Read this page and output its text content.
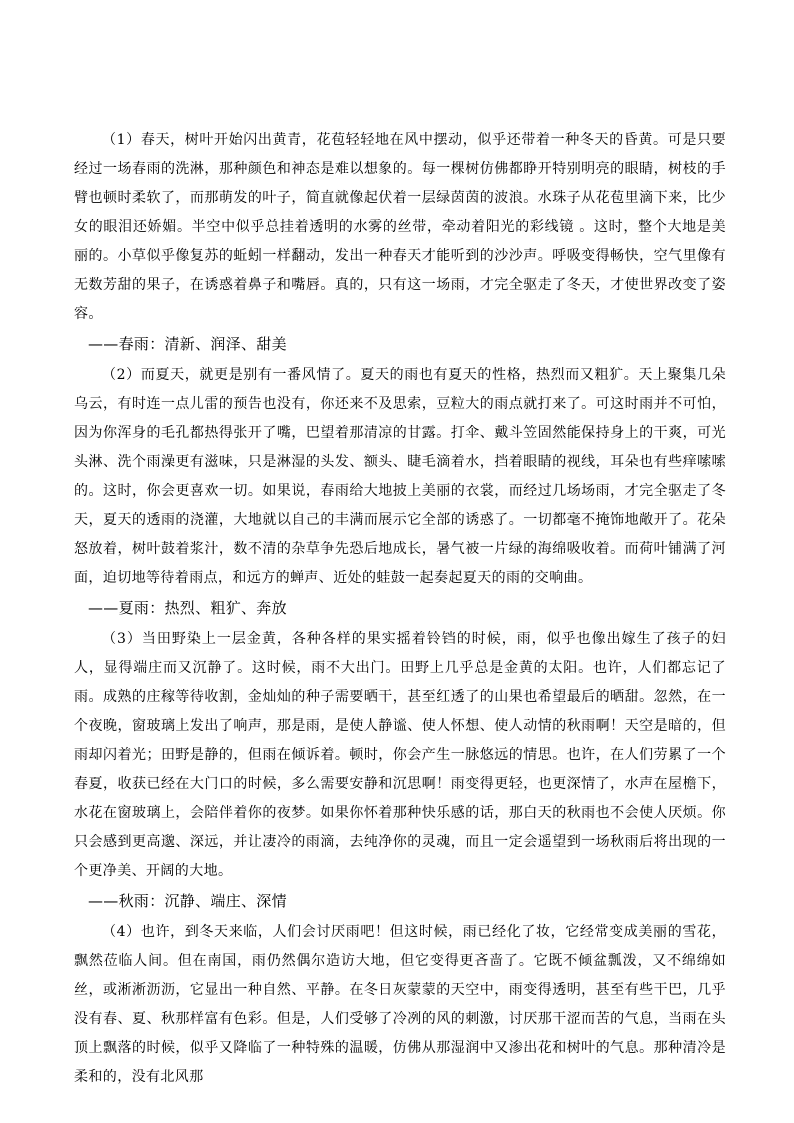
（1）春天，树叶开始闪出黄青，花苞轻轻地在风中摆动，似乎还带着一种冬天的昏黄。可是只要经过一场春雨的洗淋，那种颜色和神态是难以想象的。每一棵树仿佛都睁开特别明亮的眼睛，树枝的手臂也顿时柔软了，而那萌发的叶子，简直就像起伏着一层绿茵茵的波浪。水珠子从花苞里滴下来，比少女的眼泪还娇媚。半空中似乎总挂着透明的水雾的丝带，牵动着阳光的彩线镜 。这时，整个大地是美丽的。小草似乎像复苏的蚯蚓一样翻动，发出一种春天才能听到的沙沙声。呼吸变得畅快，空气里像有无数芳甜的果子，在诱惑着鼻子和嘴唇。真的，只有这一场雨，才完全驱走了冬天，才使世界改变了姿容。

——春雨：清新、润泽、甜美

（2）而夏天，就更是别有一番风情了。夏天的雨也有夏天的性格，热烈而又粗犷。天上聚集几朵乌云，有时连一点儿雷的预告也没有，你还来不及思索，豆粒大的雨点就打来了。可这时雨并不可怕，因为你浑身的毛孔都热得张开了嘴，巴望着那清凉的甘露。打伞、戴斗笠固然能保持身上的干爽，可光头淋、洗个雨澡更有滋味，只是淋湿的头发、额头、睫毛滴着水，挡着眼睛的视线，耳朵也有些痒嗦嗦的。这时，你会更喜欢一切。如果说，春雨给大地披上美丽的衣裳，而经过几场场雨，才完全驱走了冬天，夏天的透雨的浇灌，大地就以自己的丰满而展示它全部的诱惑了。一切都毫不掩饰地敞开了。花朵怒放着，树叶鼓着浆汁，数不清的杂草争先恐后地成长，暑气被一片绿的海绵吸收着。而荷叶铺满了河面，迫切地等待着雨点，和远方的蝉声、近处的蛙鼓一起奏起夏天的雨的交响曲。

——夏雨：热烈、粗犷、奔放

（3）当田野染上一层金黄，各种各样的果实摇着铃铛的时候，雨，似乎也像出嫁生了孩子的妇人，显得端庄而又沉静了。这时候，雨不大出门。田野上几乎总是金黄的太阳。也许，人们都忘记了雨。成熟的庄稼等待收割，金灿灿的种子需要晒干，甚至红透了的山果也希望最后的晒甜。忽然，在一个夜晚，窗玻璃上发出了响声，那是雨，是使人静谧、使人怀想、使人动情的秋雨啊！天空是暗的，但雨却闪着光；田野是静的，但雨在倾诉着。顿时，你会产生一脉悠远的情思。也许，在人们劳累了一个春夏，收获已经在大门口的时候，多么需要安静和沉思啊！雨变得更轻，也更深情了，水声在屋檐下，水花在窗玻璃上，会陪伴着你的夜梦。如果你怀着那种快乐感的话，那白天的秋雨也不会使人厌烦。你只会感到更高邈、深远，并让凄冷的雨滴，去纯净你的灵魂，而且一定会遥望到一场秋雨后将出现的一个更净美、开阔的大地。

——秋雨：沉静、端庄、深情

（4）也许，到冬天来临，人们会讨厌雨吧！但这时候，雨已经化了妆，它经常变成美丽的雪花，飘然莅临人间。但在南国，雨仍然偶尔造访大地，但它变得更吝啬了。它既不倾盆瓢泼，又不绵绵如丝，或淅淅沥沥，它显出一种自然、平静。在冬日灰蒙蒙的天空中，雨变得透明，甚至有些干巴，几乎没有春、夏、秋那样富有色彩。但是，人们受够了冷冽的风的刺激，讨厌那干涩而苦的气息，当雨在头顶上飘落的时候，似乎又降临了一种特殊的温暖，仿佛从那湿润中又渗出花和树叶的气息。那种清冷是柔和的，没有北风那
